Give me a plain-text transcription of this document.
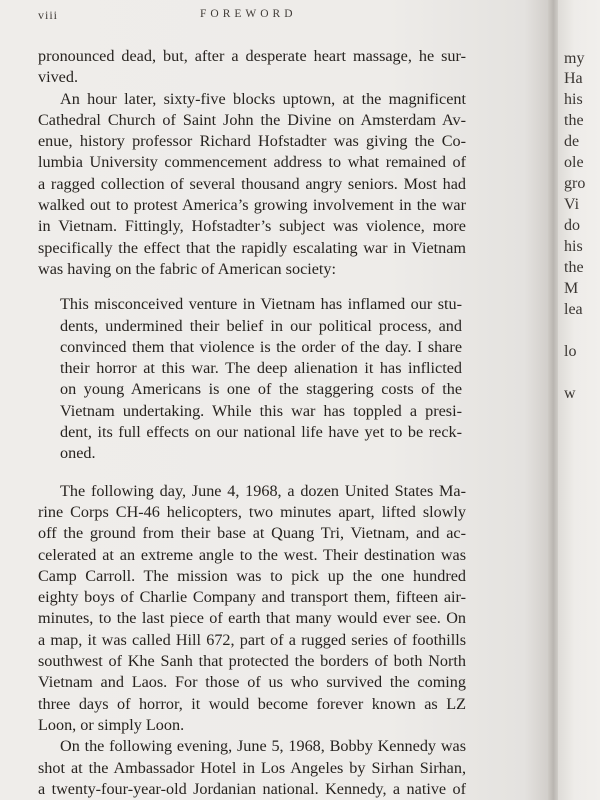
my
Ha
his
the
de
ole
gro
Vi
do
his
the
M
lea
lo
w
viii	FOREWORD
pronounced dead, but, after a desperate heart massage, he sur-
vived.
An hour later, sixty-five blocks uptown, at the magnificent
Cathedral Church of Saint John the Divine on Amsterdam Av-
enue, history professor Richard Hofstadter was giving the Co-
lumbia University commencement address to what remained of
a ragged collection of several thousand angry seniors. Most had
walked out to protest America’s growing involvement in the war
in Vietnam. Fittingly, Hofstadter’s subject was violence, more
specifically the effect that the rapidly escalating war in Vietnam
was having on the fabric of American society:
This misconceived venture in Vietnam has inflamed our stu-
dents, undermined their belief in our political process, and
convinced them that violence is the order of the day. I share
their horror at this war. The deep alienation it has inflicted
on young Americans is one of the staggering costs of the
Vietnam undertaking. While this war has toppled a presi-
dent, its full effects on our national life have yet to be reck-
oned.
The following day, June 4, 1968, a dozen United States Ma-
rine Corps CH-46 helicopters, two minutes apart, lifted slowly
off the ground from their base at Quang Tri, Vietnam, and ac-
celerated at an extreme angle to the west. Their destination was
Camp Carroll. The mission was to pick up the one hundred
eighty boys of Charlie Company and transport them, fifteen air-
minutes, to the last piece of earth that many would ever see. On
a map, it was called Hill 672, part of a rugged series of foothills
southwest of Khe Sanh that protected the borders of both North
Vietnam and Laos. For those of us who survived the coming
three days of horror, it would become forever known as LZ
Loon, or simply Loon.
On the following evening, June 5, 1968, Bobby Kennedy was
shot at the Ambassador Hotel in Los Angeles by Sirhan Sirhan,
a twenty-four-year-old Jordanian national. Kennedy, a native of
